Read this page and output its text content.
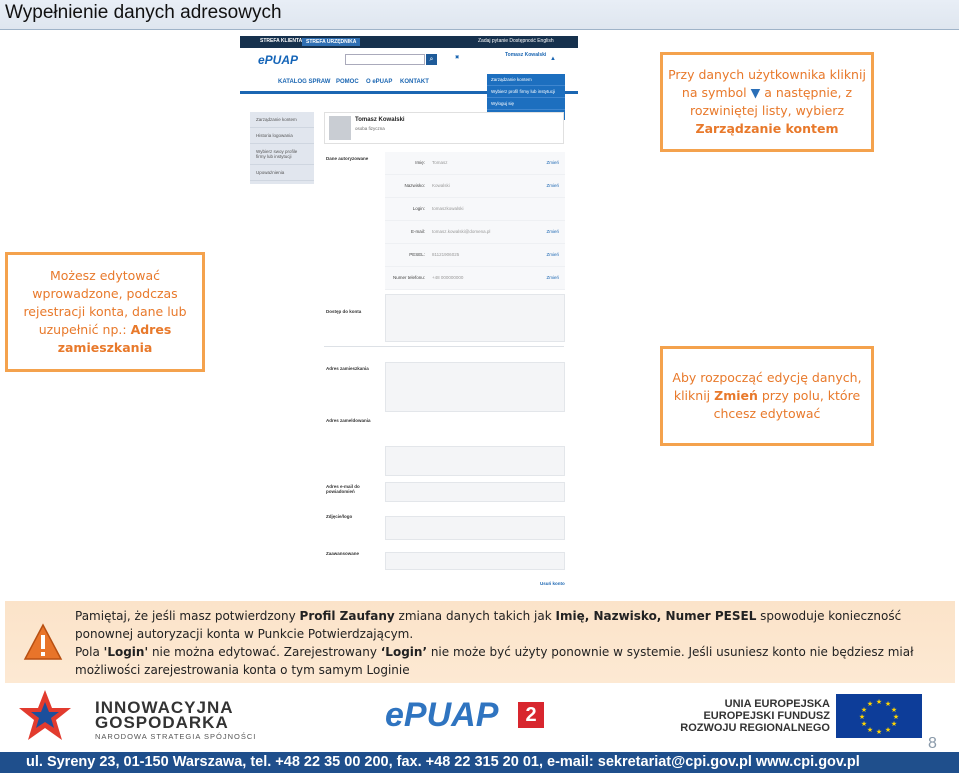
Wypełnienie danych adresowych
STREFA KLIENTA STREFA URZĘDNIKA	Zadaj pytanie Dostępność English
ePUAP	⌕	▣	Tomasz Kowalski
▲
KATALOG SPRAW POMOC O ePUAP KONTAKT	Zarządzanie kontem
Wybierz profil firmy lub instytucji
Wyloguj się
Zarządzanie kontem
Historia logowania
Wybierz swoy profile firmy lub instytucji
Upoważnienia
Tomasz Kowalski
osoba fizyczna
Dane autoryzowane
Imię: Tomasz	Zmień
Nazwisko: Kowalski	Zmień
Login: tomaszkowalski
E-mail: tomasz.kowalski@domena.pl	Zmień
PESEL: 81121906025	Zmień
Numer telefonu: +48 000000000	Zmień
Dostęp do konta
Adres zamieszkania
Adres zameldowania
Adres e-mail do powiadomień
Zdjęcie/logo
Zaawansowane
Usuń konto
Przy danych użytkownika kliknij na symbol ▼ a następnie, z rozwiniętej listy, wybierz Zarządzanie kontem
Możesz edytować wprowadzone, podczas rejestracji konta, dane lub uzupełnić np.: Adres zamieszkania
Aby rozpocząć edycję danych, kliknij Zmień przy polu, które chcesz edytować
Pamiętaj, że jeśli masz potwierdzony Profil Zaufany zmiana danych takich jak Imię, Nazwisko, Numer PESEL spowoduje konieczność ponownej autoryzacji konta w Punkcie Potwierdzającym.
Pola 'Login' nie można edytować. Zarejestrowany ‘Login’ nie może być użyty ponownie w systemie. Jeśli usuniesz konto nie będziesz miał możliwości zarejestrowania konta o tym samym Loginie
INNOWACYJNA
GOSPODARKA
NARODOWA STRATEGIA SPÓJNOŚCI
ePUAP	2	UNIA EUROPEJSKA
EUROPEJSKI FUNDUSZ
ROZWOJU REGIONALNEGO
★ ★
★
★
★
★
★
★
★
★
★
★
8
ul. Syreny 23, 01-150 Warszawa, tel. +48 22 35 00 200, fax. +48 22 315 20 01, e-mail: sekretariat@cpi.gov.pl www.cpi.gov.pl
